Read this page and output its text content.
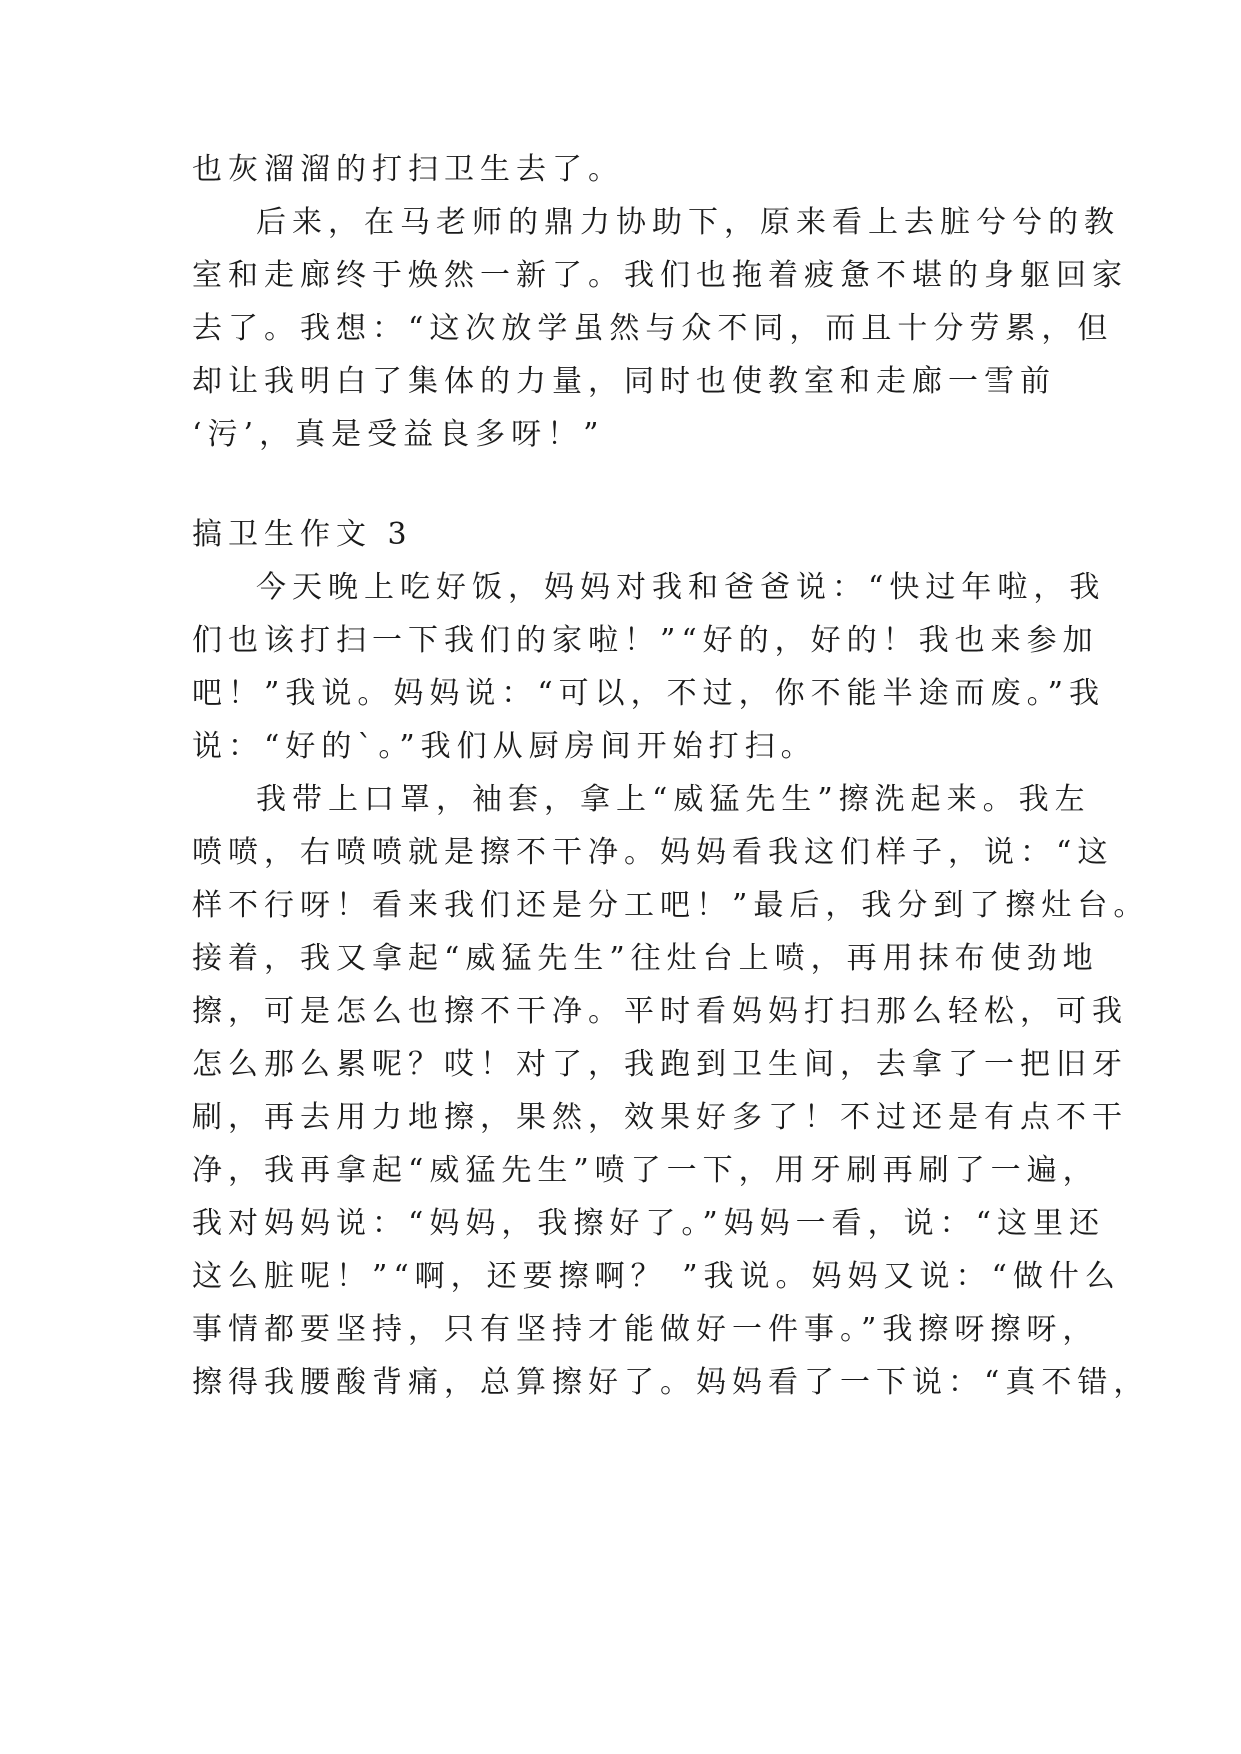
也灰溜溜的打扫卫生去了。
后来，在马老师的鼎力协助下，原来看上去脏兮兮的教
室和走廊终于焕然一新了。我们也拖着疲惫不堪的身躯回家
去了。我想：“这次放学虽然与众不同，而且十分劳累，但
却让我明白了集体的力量，同时也使教室和走廊一雪前
‘污’，真是受益良多呀！”
搞卫生作文 3
今天晚上吃好饭，妈妈对我和爸爸说：“快过年啦，我
们也该打扫一下我们的家啦！”“好的，好的！我也来参加
吧！”我说。妈妈说：“可以，不过，你不能半途而废。”我
说：“好的`。”我们从厨房间开始打扫。
我带上口罩，袖套，拿上“威猛先生”擦洗起来。我左
喷喷，右喷喷就是擦不干净。妈妈看我这们样子，说：“这
样不行呀！看来我们还是分工吧！”最后，我分到了擦灶台。
接着，我又拿起“威猛先生”往灶台上喷，再用抹布使劲地
擦，可是怎么也擦不干净。平时看妈妈打扫那么轻松，可我
怎么那么累呢？哎！对了，我跑到卫生间，去拿了一把旧牙
刷，再去用力地擦，果然，效果好多了！不过还是有点不干
净，我再拿起“威猛先生”喷了一下，用牙刷再刷了一遍，
我对妈妈说：“妈妈，我擦好了。”妈妈一看，说：“这里还
这么脏呢！”“啊，还要擦啊？ ”我说。妈妈又说：“做什么
事情都要坚持，只有坚持才能做好一件事。”我擦呀擦呀，
擦得我腰酸背痛，总算擦好了。妈妈看了一下说：“真不错，
